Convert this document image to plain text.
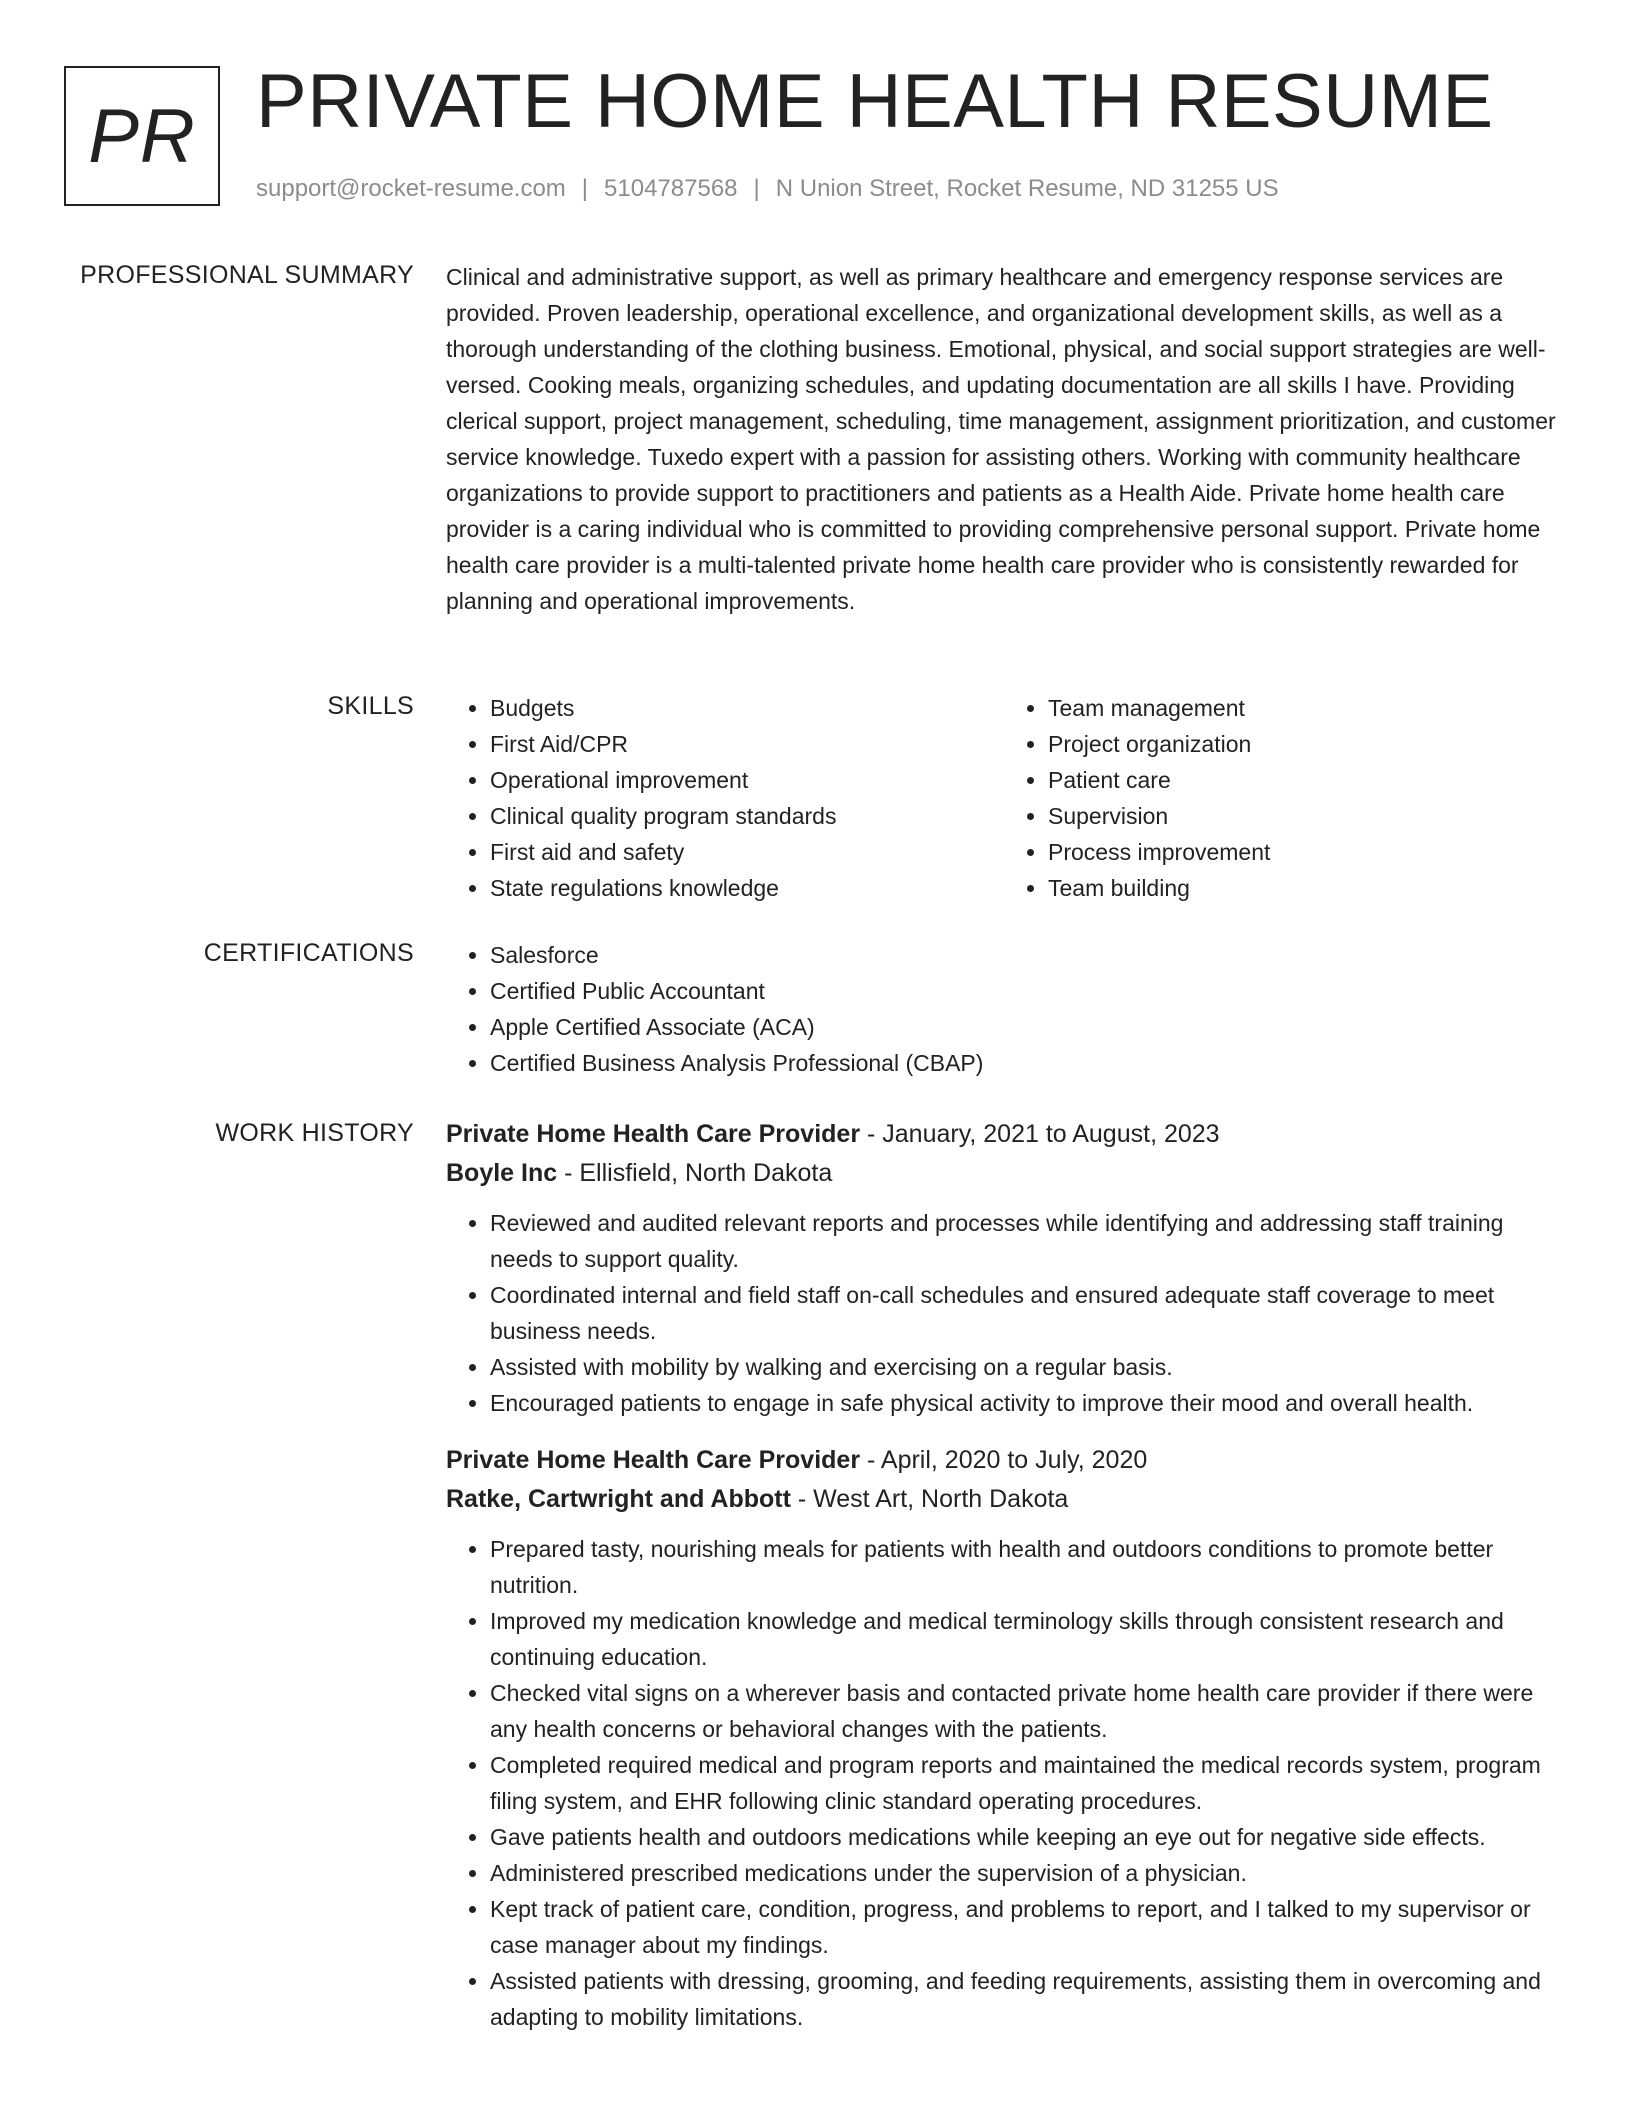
PR PRIVATE HOME HEALTH RESUME
support@rocket-resume.com | 5104787568 | N Union Street, Rocket Resume, ND 31255 US
PROFESSIONAL SUMMARY Clinical and administrative support, as well as primary healthcare and emergency response services are provided. Proven leadership, operational excellence, and organizational development skills, as well as a thorough understanding of the clothing business. Emotional, physical, and social support strategies are well-versed. Cooking meals, organizing schedules, and updating documentation are all skills I have. Providing clerical support, project management, scheduling, time management, assignment prioritization, and customer service knowledge. Tuxedo expert with a passion for assisting others. Working with community healthcare organizations to provide support to practitioners and patients as a Health Aide. Private home health care provider is a caring individual who is committed to providing comprehensive personal support. Private home health care provider is a multi-talented private home health care provider who is consistently rewarded for planning and operational improvements.

SKILLS	• Budgets
• First Aid/CPR
• Operational improvement
• Clinical quality program standards
• First aid and safety
• State regulations knowledge
• Team management
• Project organization
• Patient care
• Supervision
• Process improvement
• Team building
CERTIFICATIONS	• Salesforce
• Certified Public Accountant
• Apple Certified Associate (ACA)
• Certified Business Analysis Professional (CBAP)
WORK HISTORY Private Home Health Care Provider - January, 2021 to August, 2023
Boyle Inc - Ellisfield, North Dakota
• Reviewed and audited relevant reports and processes while identifying and addressing staff training needs to support quality.
• Coordinated internal and field staff on-call schedules and ensured adequate staff coverage to meet business needs.
• Assisted with mobility by walking and exercising on a regular basis.
• Encouraged patients to engage in safe physical activity to improve their mood and overall health.
Private Home Health Care Provider - April, 2020 to July, 2020
Ratke, Cartwright and Abbott - West Art, North Dakota
• Prepared tasty, nourishing meals for patients with health and outdoors conditions to promote better nutrition.
• Improved my medication knowledge and medical terminology skills through consistent research and continuing education.
• Checked vital signs on a wherever basis and contacted private home health care provider if there were any health concerns or behavioral changes with the patients.
• Completed required medical and program reports and maintained the medical records system, program filing system, and EHR following clinic standard operating procedures.
• Gave patients health and outdoors medications while keeping an eye out for negative side effects.
• Administered prescribed medications under the supervision of a physician.
• Kept track of patient care, condition, progress, and problems to report, and I talked to my supervisor or case manager about my findings.
• Assisted patients with dressing, grooming, and feeding requirements, assisting them in overcoming and adapting to mobility limitations.
